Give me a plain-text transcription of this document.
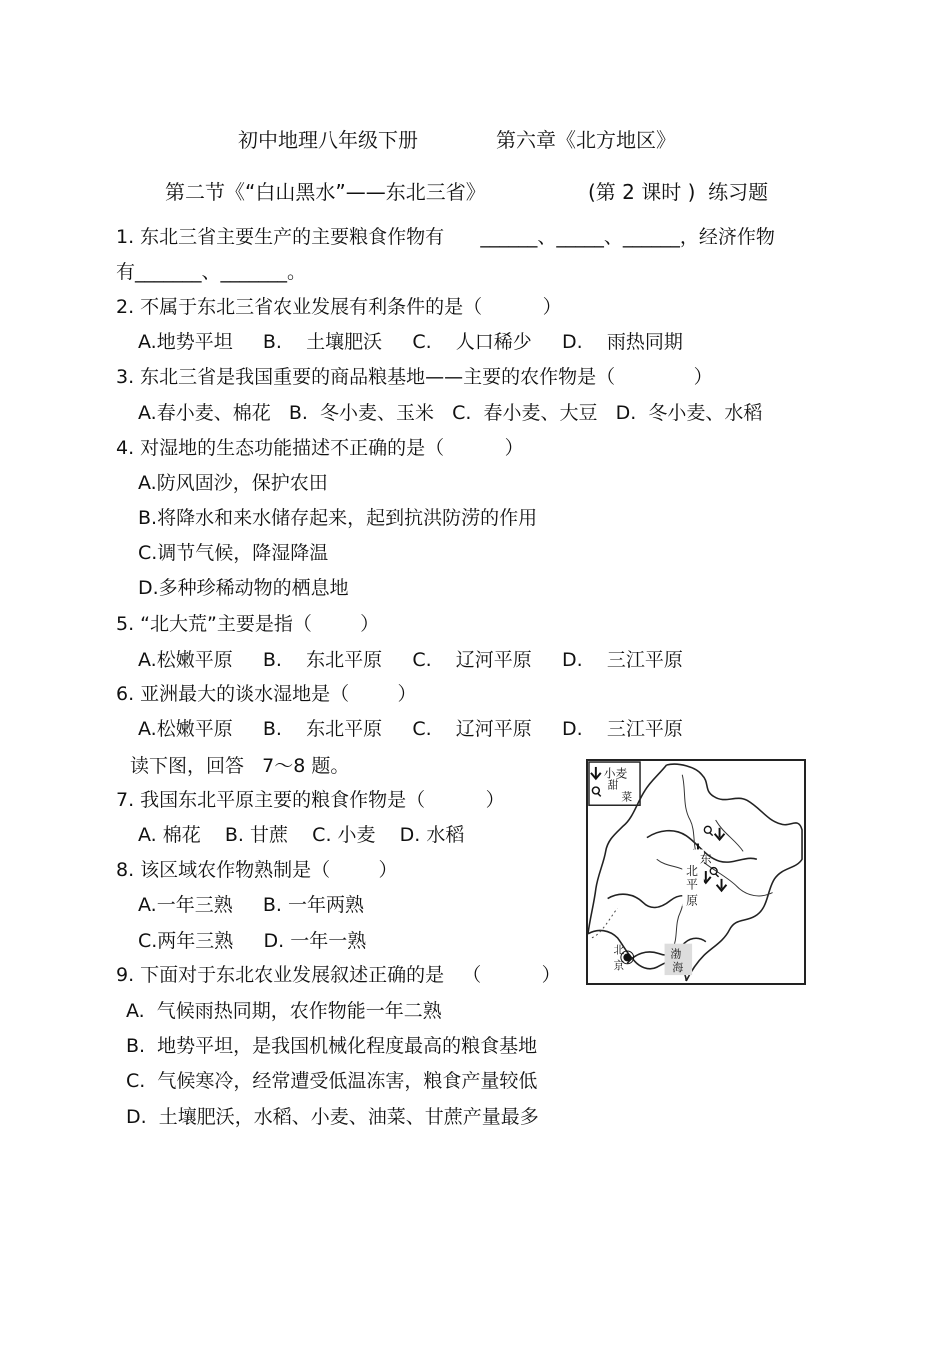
初中地理八年级下册	第六章《北方地区》
第二节《“白山黑水”——东北三省》	(第 2 课时 )  练习题
1. 东北三省主要生产的主要粮食作物有      ______、_____、______，经济作物
有_______、_______。
2. 不属于东北三省农业发展有利条件的是（          ）
A.地势平坦     B.    土壤肥沃     C.    人口稀少     D.    雨热同期
3. 东北三省是我国重要的商品粮基地——主要的农作物是（             ）
A.春小麦、棉花   B.  冬小麦、玉米   C.  春小麦、大豆   D.  冬小麦、水稻
4. 对湿地的生态功能描述不正确的是（          ）
A.防风固沙，保护农田
B.将降水和来水储存起来，起到抗洪防涝的作用
C.调节气候，降湿降温
D.多种珍稀动物的栖息地
5. “北大荒”主要是指（        ）
A.松嫩平原     B.    东北平原     C.    辽河平原     D.    三江平原
6. 亚洲最大的谈水湿地是（        ）
A.松嫩平原     B.    东北平原     C.    辽河平原     D.    三江平原
读下图，回答   7～8 题。
7. 我国东北平原主要的粮食作物是（          ）
A. 棉花    B. 甘蔗    C. 小麦    D. 水稻
8. 该区域农作物熟制是（        ）
A.一年三熟     B. 一年两熟
C.两年三熟     D. 一年一熟
9. 下面对于东北农业发展叙述正确的是   （          ）
A.  气候雨热同期，农作物能一年二熟
B.  地势平坦，是我国机械化程度最高的粮食基地
C.  气候寒冷，经常遭受低温冻害，粮食产量较低
D.  土壤肥沃，水稻、小麦、油菜、甘蔗产量最多
小麦
甜
菜
东
北
平
原
北
京
渤
海
